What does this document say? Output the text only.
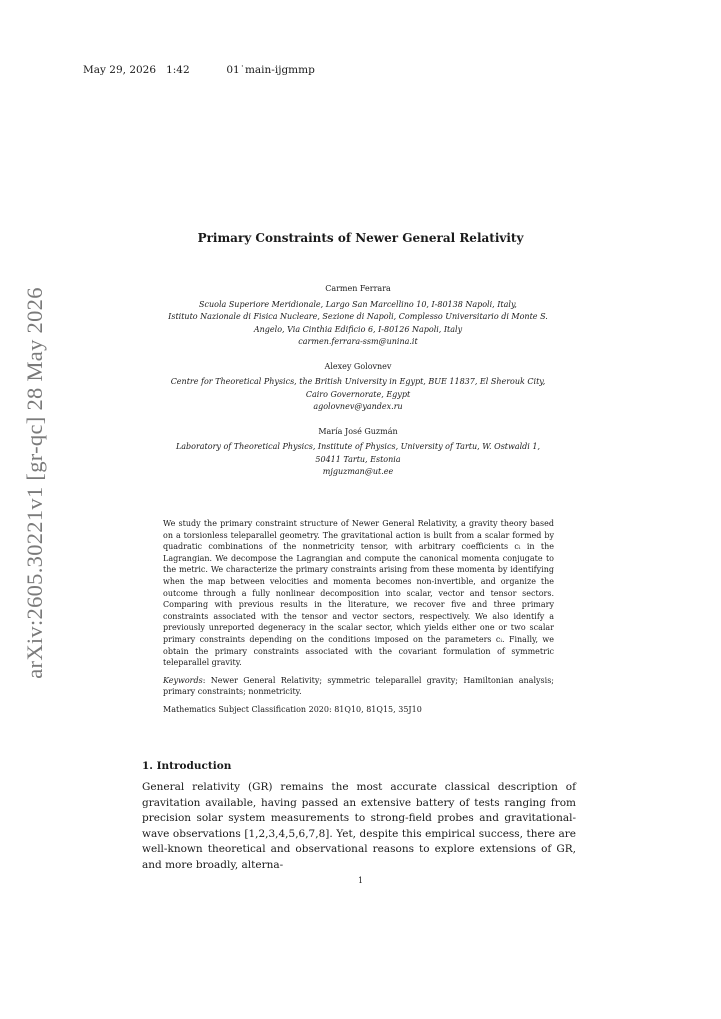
May 29, 2026 1:42	01˙main-ijgmmp
arXiv:2605.30221v1 [gr-qc] 28 May 2026
Primary Constraints of Newer General Relativity
Carmen Ferrara
Scuola Superiore Meridionale, Largo San Marcellino 10, I-80138 Napoli, Italy,
Istituto Nazionale di Fisica Nucleare, Sezione di Napoli, Complesso Universitario di Monte S.
Angelo, Via Cinthia Edificio 6, I-80126 Napoli, Italy
carmen.ferrara-ssm@unina.it
Alexey Golovnev
Centre for Theoretical Physics, the British University in Egypt, BUE 11837, El Sherouk City,
Cairo Governorate, Egypt
agolovnev@yandex.ru
María José Guzmán
Laboratory of Theoretical Physics, Institute of Physics, University of Tartu, W. Ostwaldi 1,
50411 Tartu, Estonia
mjguzman@ut.ee

We study the primary constraint structure of Newer General Relativity, a gravity theory based on a torsionless teleparallel geometry. The gravitational action is built from a scalar formed by quadratic combinations of the nonmetricity tensor, with arbitrary coefficients cᵢ in the Lagrangian. We decompose the Lagrangian and compute the canonical momenta conjugate to the metric. We characterize the primary constraints arising from these momenta by identifying when the map between velocities and momenta becomes non-invertible, and organize the outcome through a fully nonlinear decomposition into scalar, vector and tensor sectors. Comparing with previous results in the literature, we recover five and three primary constraints associated with the tensor and vector sectors, respectively. We also identify a previously unreported degeneracy in the scalar sector, which yields either one or two scalar primary constraints depending on the conditions imposed on the parameters cᵢ. Finally, we obtain the primary constraints associated with the covariant formulation of symmetric teleparallel gravity.

Keywords: Newer General Relativity; symmetric teleparallel gravity; Hamiltonian analysis; primary constraints; nonmetricity.

Mathematics Subject Classification 2020: 81Q10, 81Q15, 35J10

1. Introduction
General relativity (GR) remains the most accurate classical description of gravitation available, having passed an extensive battery of tests ranging from precision solar system measurements to strong-field probes and gravitational-wave observations [1,2,3,4,5,6,7,8]. Yet, despite this empirical success, there are well-known theoretical and observational reasons to explore extensions of GR, and more broadly, alterna-
1
